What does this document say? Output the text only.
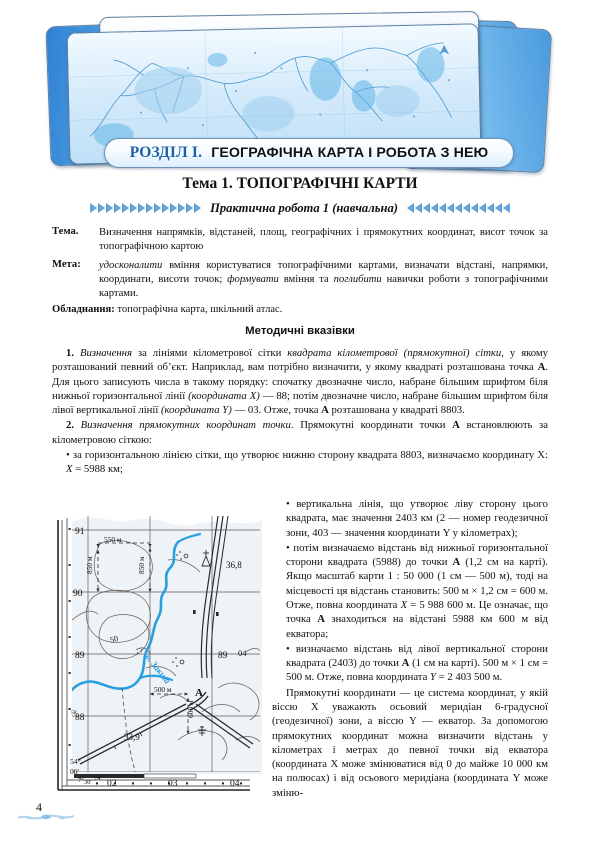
РОЗДІЛ I. ГЕОГРАФІЧНА КАРТА І РОБОТА З НЕЮ
Тема 1. ТОПОГРАФІЧНІ КАРТИ
Практична робота 1 (навчальна)
Тема.	Визначення напрямків, відстаней, площ, географічних і прямокутних координат, висот точок за топографічною картою
Мета:	удосконалити вміння користуватися топографічними картами, визначати відстані, напрямки, координати, висоти точок; формувати вміння та поглибити навички роботи з топографічними картами.
Обладнання: топографічна карта, шкільний атлас.
Методичні вказівки

1. Визначення за лініями кілометрової сітки квадрата кілометрової (прямокутної) сітки, у якому розташований певний об’єкт. Наприклад, вам потрібно визначити, у якому квадраті розташована точка А. Для цього записують числа в такому порядку: спочатку двозначне число, набране більшим шрифтом біля нижньої горизонтальної лінії (координата X) — 88; потім двозначне число, набране більшим шрифтом біля лівої вертикальної лінії (координата Y) — 03. Отже, точка А розташована у квадраті 8803.

2. Визначення прямокутних координат точки. Прямокутні координати точки А встановлюють за кілометровою сіткою:

• за горизонтальною лінією сітки, що утворює нижню сторону квадрата 8803, визначаємо координату X: X = 5988 км;

91
90
89
88
89 04
02	03	04
58
54°
00'
7° 30'
24"
550 м
850 м	850 м
50
36,8
33,9
500 м
600 м
А
р. Закша

• вертикальна лінія, що утворює ліву сторону цього квадрата, має значення 2403 км (2 — номер геодезичної зони, 403 — значення координати Y у кілометрах);

• потім визначаємо відстань від нижньої горизонтальної сторони квадрата (5988) до точки А (1,2 см на карті). Якщо масштаб карти 1 : 50 000 (1 см — 500 м), тоді на місцевості ця відстань становить: 500 м × 1,2 см = 600 м. Отже, повна координата X = 5 988 600 м. Це означає, що точка А знаходиться на відстані 5988 км 600 м від екватора;

• визначаємо відстань від лівої вертикальної сторони квадрата (2403) до точки А (1 см на карті). 500 м × 1 см = 500 м. Отже, повна координата Y = 2 403 500 м.

Прямокутні координати — це система координат, у якій віссю X уважають осьовий меридіан 6-градусної (геодезичної) зони, а віссю Y — екватор. За допомогою прямокутних координат можна визначити відстань у кілометрах і метрах до певної точки від екватора (координата X може змінюватися від 0 до майже 10 000 км на полюсах) і від осьового меридіана (координата Y може зміню-

4
